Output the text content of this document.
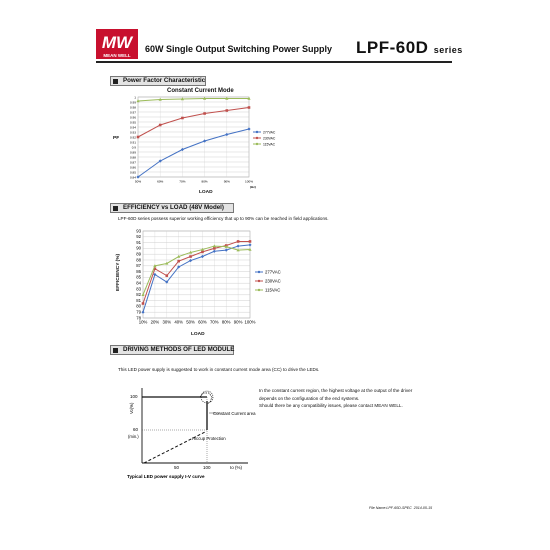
MW
MEAN WELL
60W Single Output Switching Power Supply LPF-60D series
Power Factor Characteristic
Constant Current Mode
PF
0.84
0.85
0.86
0.87
0.88
0.89
0.9
0.91
0.92
0.93
0.94
0.95
0.96
0.97
0.98
0.99
1
50%	60%	70%	80%	90%	100%
(Hz)
277VAC
230VAC
115VAC
LOAD
EFFICIENCY vs LOAD (48V Model)
LPF-60D series possess superior working efficiency that up to 90% can be reached in field applications.
EFFICIENCY (%)
78
79
80
81
82
83
84
85
86
87
88
89
90
91
92
93
10% 20% 30% 40% 50% 60% 70% 80% 90% 100%
277VAC
230VAC
115VAC
LOAD
DRIVING METHODS OF LED MODULE
This LED power supply is suggested to work in constant current mode area (CC) to drive the LEDs.
In the constant current region, the highest voltage at the output of the driver
depends on the configuration of the end systems.
Should there be any compatibility issues, please contact MEAN WELL.
100
60
(min.)
Vo(%)
50	100	Io (%)
Constant Current area
Hiccup Protection
Typical LED power supply I-V curve
File Name:LPF-60D-SPEC  2014-05-15
